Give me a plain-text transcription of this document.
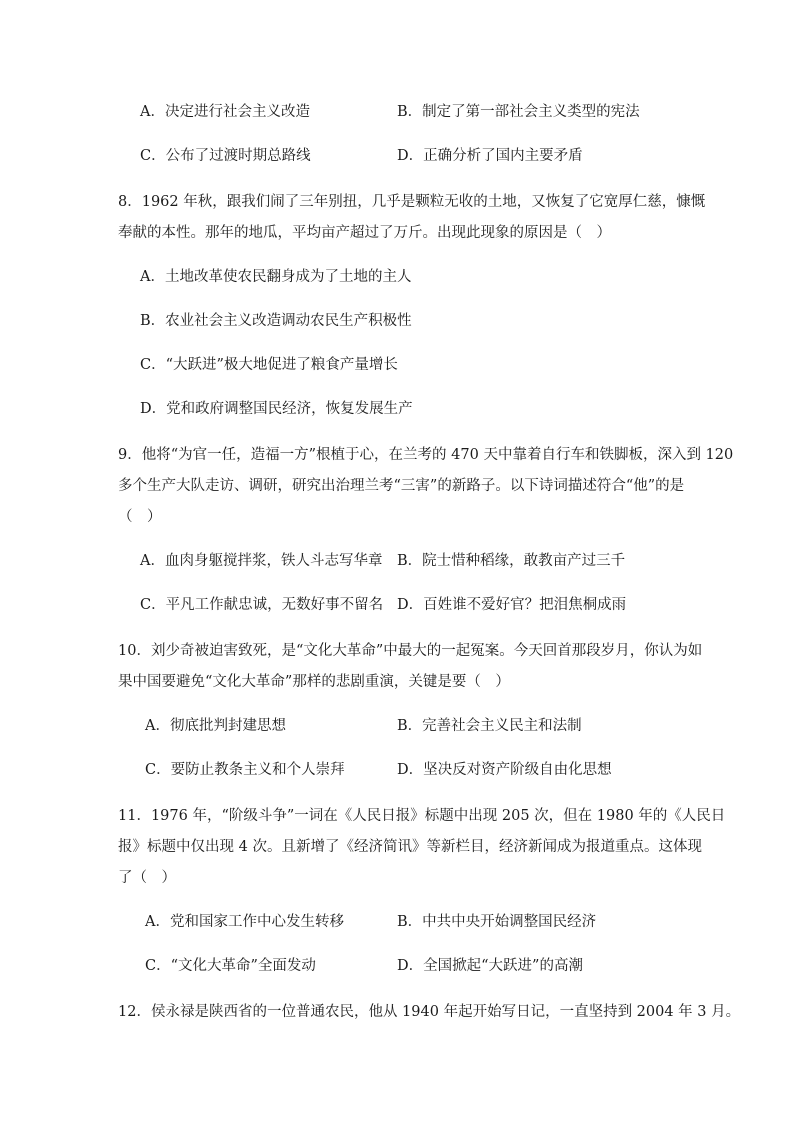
A．决定进行社会主义改造	B．制定了第一部社会主义类型的宪法
C．公布了过渡时期总路线	D．正确分析了国内主要矛盾
8．1962 年秋，跟我们闹了三年别扭，几乎是颗粒无收的土地，又恢复了它宽厚仁慈，慷慨
奉献的本性。那年的地瓜，平均亩产超过了万斤。出现此现象的原因是（　）
A．土地改革使农民翻身成为了土地的主人
B．农业社会主义改造调动农民生产积极性
C．“大跃进”极大地促进了粮食产量增长
D．党和政府调整国民经济，恢复发展生产
9．他将“为官一任，造福一方”根植于心，在兰考的 470 天中靠着自行车和铁脚板，深入到 120
多个生产大队走访、调研，研究出治理兰考“三害”的新路子。以下诗词描述符合“他”的是
（　）
A．血肉身躯搅拌浆，铁人斗志写华章 B．院士惜种稻缘，敢教亩产过三千
C．平凡工作献忠诚，无数好事不留名 D．百姓谁不爱好官？把泪焦桐成雨
10．刘少奇被迫害致死，是“文化大革命”中最大的一起冤案。今天回首那段岁月，你认为如
果中国要避免“文化大革命”那样的悲剧重演，关键是要（　）
A．彻底批判封建思想	B．完善社会主义民主和法制
C．要防止教条主义和个人崇拜	D．坚决反对资产阶级自由化思想
11．1976 年，“阶级斗争”一词在《人民日报》标题中出现 205 次，但在 1980 年的《人民日
报》标题中仅出现 4 次。且新增了《经济简讯》等新栏目，经济新闻成为报道重点。这体现
了（　）
A．党和国家工作中心发生转移	B．中共中央开始调整国民经济
C．“文化大革命”全面发动	D．全国掀起“大跃进”的高潮
12．侯永禄是陕西省的一位普通农民，他从 1940 年起开始写日记，一直坚持到 2004 年 3 月。
